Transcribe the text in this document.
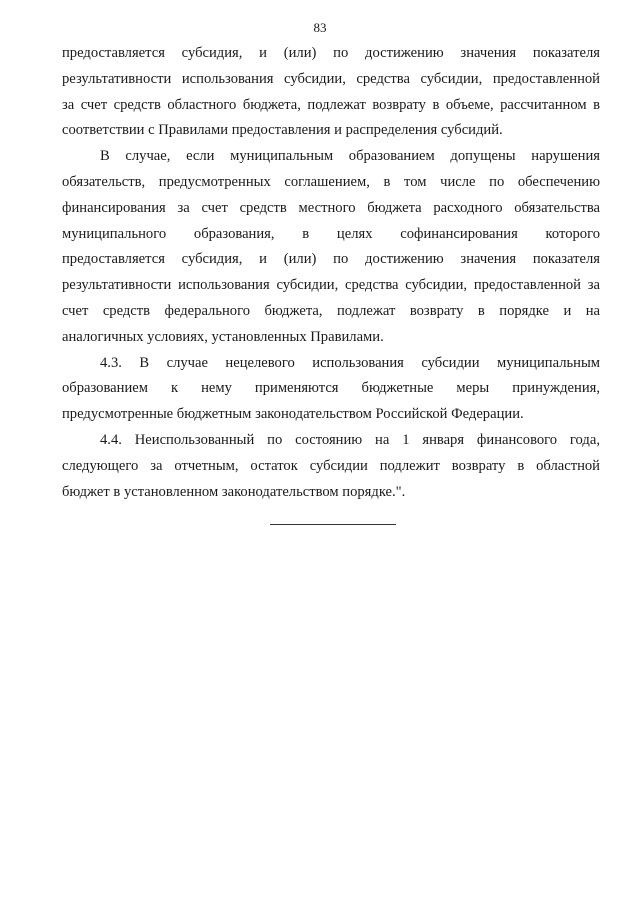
83
предоставляется субсидия, и (или) по достижению значения показателя
результативности использования субсидии, средства субсидии, предоставленной
за счет средств областного бюджета, подлежат возврату в объеме, рассчитанном в
соответствии с Правилами предоставления и распределения субсидий.
В случае, если муниципальным образованием допущены нарушения
обязательств, предусмотренных соглашением, в том числе по обеспечению
финансирования за счет средств местного бюджета расходного обязательства
муниципального образования, в целях софинансирования которого
предоставляется субсидия, и (или) по достижению значения показателя
результативности использования субсидии, средства субсидии, предоставленной за
счет средств федерального бюджета, подлежат возврату в порядке и на
аналогичных условиях, установленных Правилами.
4.3. В случае нецелевого использования субсидии муниципальным
образованием к нему применяются бюджетные меры принуждения,
предусмотренные бюджетным законодательством Российской Федерации.
4.4. Неиспользованный по состоянию на 1 января финансового года,
следующего за отчетным, остаток субсидии подлежит возврату в областной
бюджет в установленном законодательством порядке.".
